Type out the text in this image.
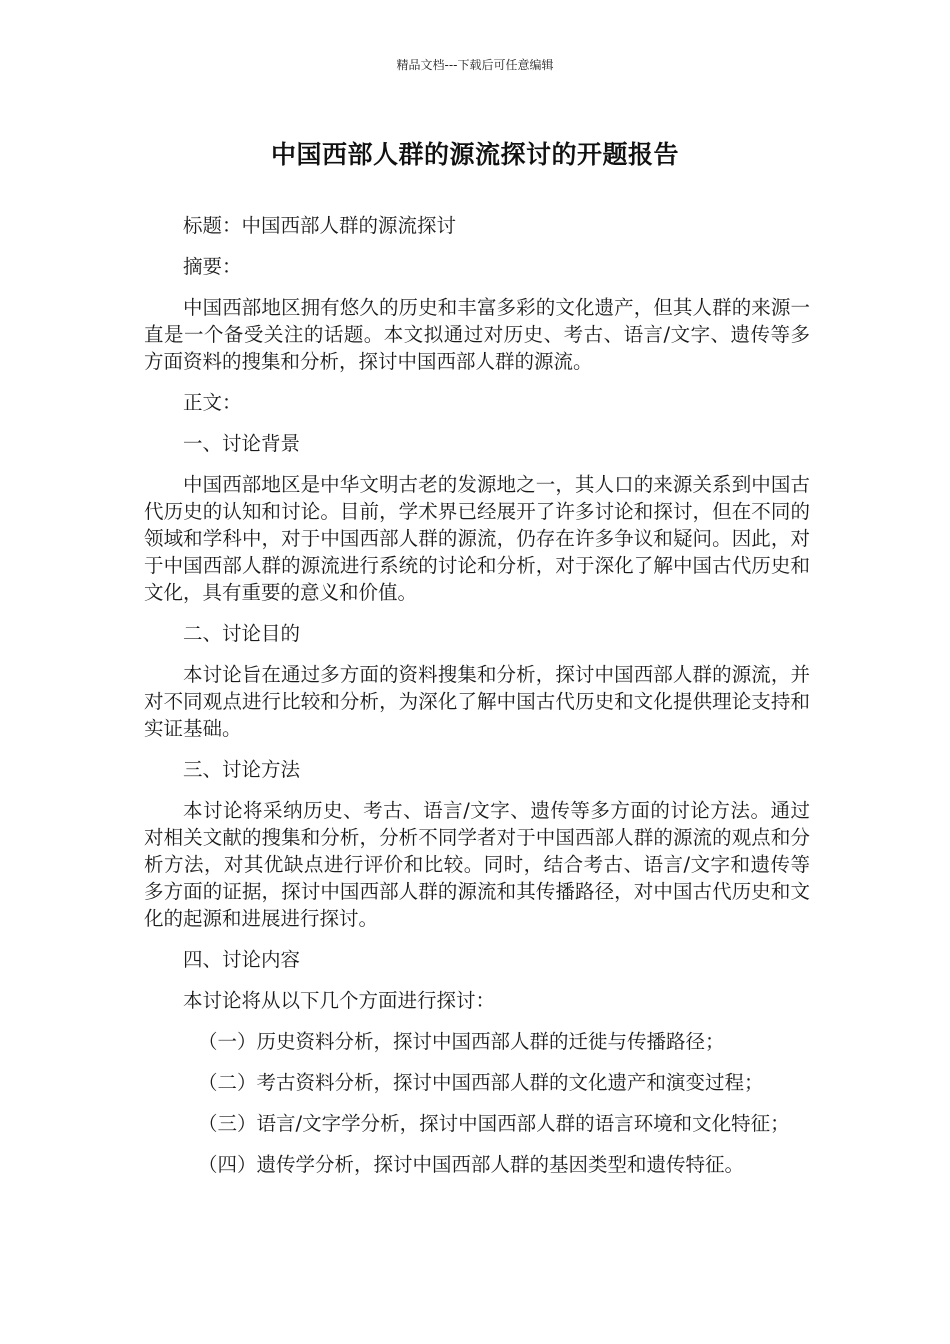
精品文档---下载后可任意编辑
中国西部人群的源流探讨的开题报告

标题：中国西部人群的源流探讨

摘要：

中国西部地区拥有悠久的历史和丰富多彩的文化遗产，但其人群的来源一直是一个备受关注的话题。本文拟通过对历史、考古、语言/文字、遗传等多方面资料的搜集和分析，探讨中国西部人群的源流。

正文：

一、讨论背景

中国西部地区是中华文明古老的发源地之一，其人口的来源关系到中国古代历史的认知和讨论。目前，学术界已经展开了许多讨论和探讨，但在不同的领域和学科中，对于中国西部人群的源流，仍存在许多争议和疑问。因此，对于中国西部人群的源流进行系统的讨论和分析，对于深化了解中国古代历史和文化，具有重要的意义和价值。

二、讨论目的

本讨论旨在通过多方面的资料搜集和分析，探讨中国西部人群的源流，并对不同观点进行比较和分析，为深化了解中国古代历史和文化提供理论支持和实证基础。

三、讨论方法

本讨论将采纳历史、考古、语言/文字、遗传等多方面的讨论方法。通过对相关文献的搜集和分析，分析不同学者对于中国西部人群的源流的观点和分析方法，对其优缺点进行评价和比较。同时，结合考古、语言/文字和遗传等多方面的证据，探讨中国西部人群的源流和其传播路径，对中国古代历史和文化的起源和进展进行探讨。

四、讨论内容

本讨论将从以下几个方面进行探讨：

（一）历史资料分析，探讨中国西部人群的迁徙与传播路径；

（二）考古资料分析，探讨中国西部人群的文化遗产和演变过程；

（三）语言/文字学分析，探讨中国西部人群的语言环境和文化特征；

（四）遗传学分析，探讨中国西部人群的基因类型和遗传特征。
